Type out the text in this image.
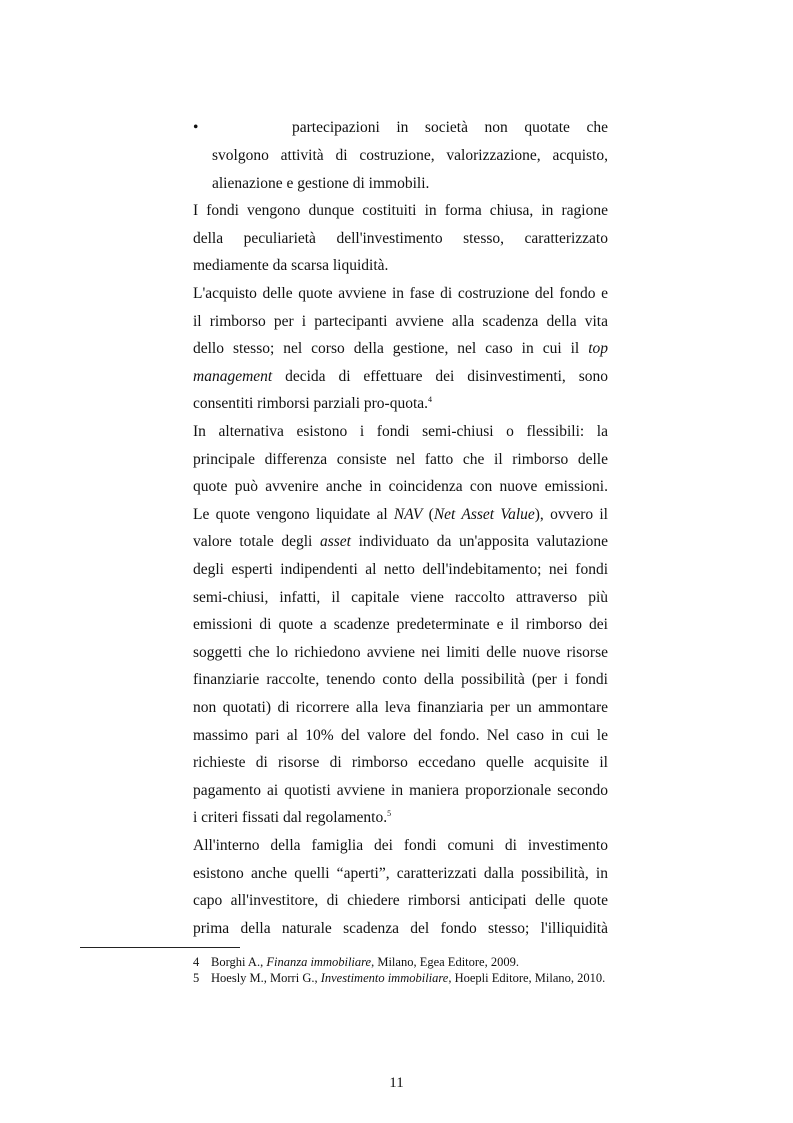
•	partecipazioni in società non quotate che
svolgono attività di costruzione, valorizzazione, acquisto,
alienazione e gestione di immobili.
I fondi vengono dunque costituiti in forma chiusa, in ragione
della peculiarietà dell'investimento stesso, caratterizzato
mediamente da scarsa liquidità.
L'acquisto delle quote avviene in fase di costruzione del fondo e
il rimborso per i partecipanti avviene alla scadenza della vita
dello stesso; nel corso della gestione, nel caso in cui il top
management decida di effettuare dei disinvestimenti, sono
consentiti rimborsi parziali pro-quota.$^4$
In alternativa esistono i fondi semi-chiusi o flessibili: la
principale differenza consiste nel fatto che il rimborso delle
quote può avvenire anche in coincidenza con nuove emissioni.
Le quote vengono liquidate al NAV (Net Asset Value), ovvero il
valore totale degli asset individuato da un'apposita valutazione
degli esperti indipendenti al netto dell'indebitamento; nei fondi
semi-chiusi, infatti, il capitale viene raccolto attraverso più
emissioni di quote a scadenze predeterminate e il rimborso dei
soggetti che lo richiedono avviene nei limiti delle nuove risorse
finanziarie raccolte, tenendo conto della possibilità (per i fondi
non quotati) di ricorrere alla leva finanziaria per un ammontare
massimo pari al 10% del valore del fondo. Nel caso in cui le
richieste di risorse di rimborso eccedano quelle acquisite il
pagamento ai quotisti avviene in maniera proporzionale secondo
i criteri fissati dal regolamento.$^5$
All'interno della famiglia dei fondi comuni di investimento
esistono anche quelli “aperti”, caratterizzati dalla possibilità, in
capo all'investitore, di chiedere rimborsi anticipati delle quote
prima della naturale scadenza del fondo stesso; l'illiquidità
4 Borghi A., Finanza immobiliare, Milano, Egea Editore, 2009.
5 Hoesly M., Morri G., Investimento immobiliare, Hoepli Editore, Milano, 2010.
11
